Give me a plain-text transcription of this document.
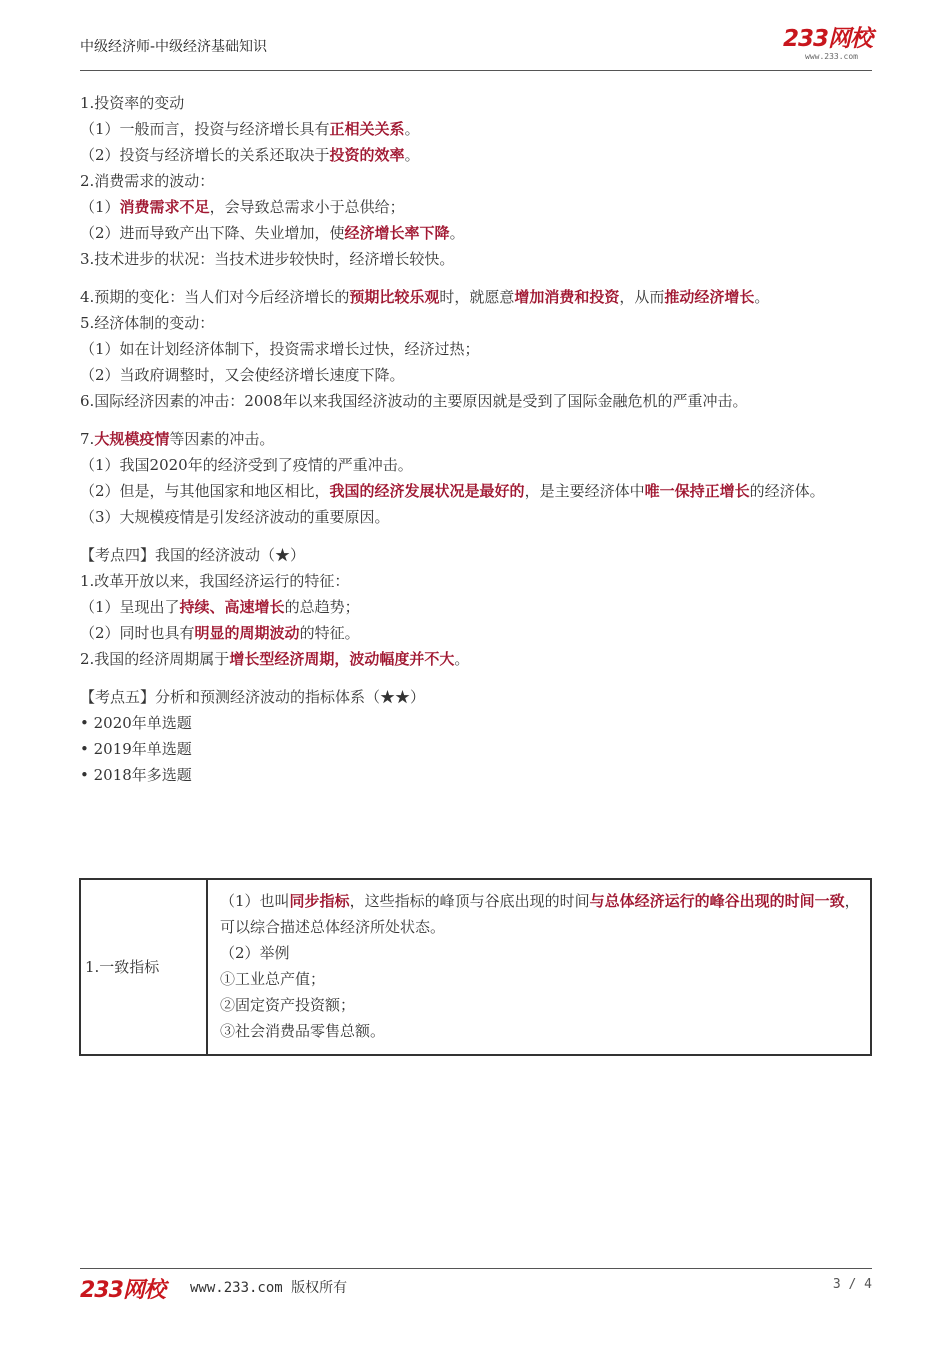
中级经济师-中级经济基础知识	233网校
www.233.com

1.投资率的变动

（1）一般而言，投资与经济增长具有正相关关系。

（2）投资与经济增长的关系还取决于投资的效率。

2.消费需求的波动：

（1）消费需求不足，会导致总需求小于总供给；

（2）进而导致产出下降、失业增加，使经济增长率下降。

3.技术进步的状况：当技术进步较快时，经济增长较快。

4.预期的变化：当人们对今后经济增长的预期比较乐观时，就愿意增加消费和投资，从而推动经济增长。

5.经济体制的变动：

（1）如在计划经济体制下，投资需求增长过快，经济过热；

（2）当政府调整时，又会使经济增长速度下降。

6.国际经济因素的冲击：2008年以来我国经济波动的主要原因就是受到了国际金融危机的严重冲击。

7.大规模疫情等因素的冲击。

（1）我国2020年的经济受到了疫情的严重冲击。

（2）但是，与其他国家和地区相比，我国的经济发展状况是最好的，是主要经济体中唯一保持正增长的经济体。

（3）大规模疫情是引发经济波动的重要原因。

【考点四】我国的经济波动（★）

1.改革开放以来，我国经济运行的特征：

（1）呈现出了持续、高速增长的总趋势；

（2）同时也具有明显的周期波动的特征。

2.我国的经济周期属于增长型经济周期，波动幅度并不大。

【考点五】分析和预测经济波动的指标体系（★★）

• 2020年单选题

• 2019年单选题

• 2018年多选题

1.一致指标	
（1）也叫同步指标，这些指标的峰顶与谷底出现的时间与总体经济运行的峰谷出现的时间一致，可以综合描述总体经济所处状态。
（2）举例
①工业总产值；
②固定资产投资额；
③社会消费品零售总额。
233网校 www.233.com 版权所有	3 / 4
